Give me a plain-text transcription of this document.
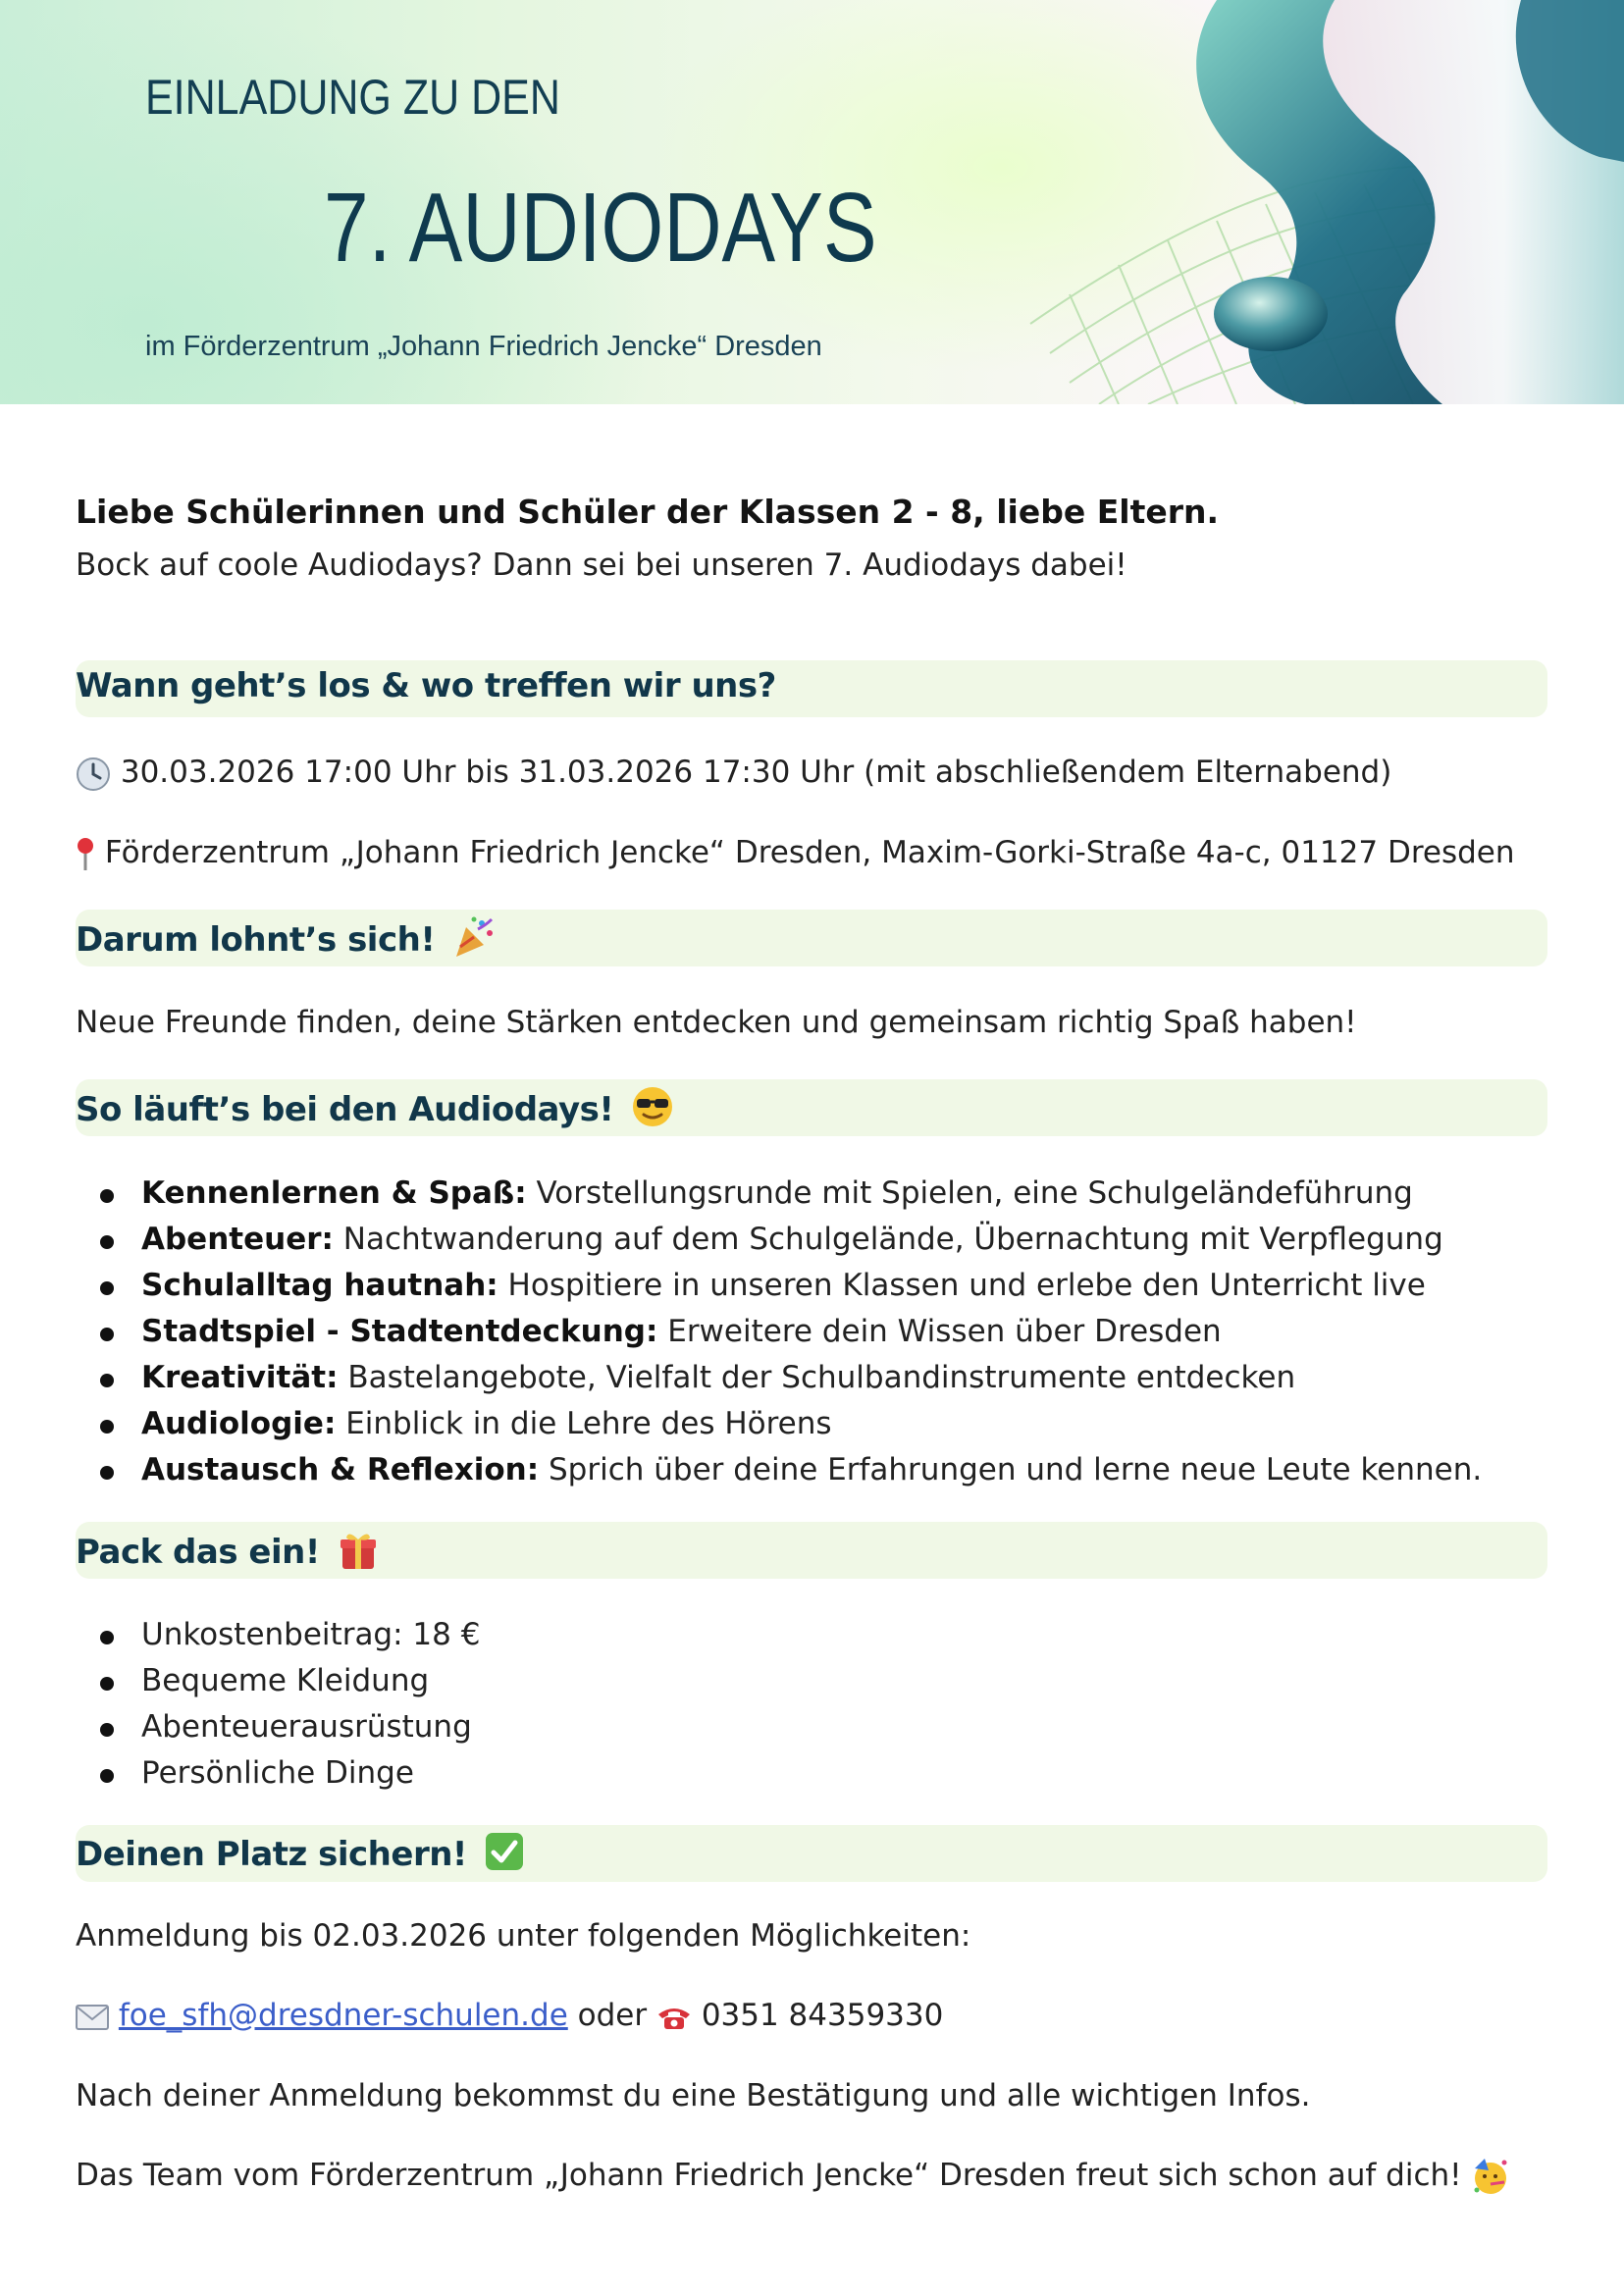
EINLADUNG ZU DEN
7. AUDIODAYS

im Förderzentrum „Johann Friedrich Jencke“ Dresden

Liebe Schülerinnen und Schüler der Klassen 2 - 8, liebe Eltern.

Bock auf coole Audiodays? Dann sei bei unseren 7. Audiodays dabei!

Wann geht’s los & wo treffen wir uns?

30.03.2026 17:00 Uhr bis 31.03.2026 17:30 Uhr (mit abschließendem Elternabend)

Förderzentrum „Johann Friedrich Jencke“ Dresden, Maxim-Gorki-Straße 4a-c, 01127 Dresden

Darum lohnt’s sich!

Neue Freunde finden, deine Stärken entdecken und gemeinsam richtig Spaß haben!

So läuft’s bei den Audiodays!
Kennenlernen & Spaß: Vorstellungsrunde mit Spielen, eine Schulgeländeführung
Abenteuer: Nachtwanderung auf dem Schulgelände, Übernachtung mit Verpflegung
Schulalltag hautnah: Hospitiere in unseren Klassen und erlebe den Unterricht live
Stadtspiel - Stadtentdeckung: Erweitere dein Wissen über Dresden
Kreativität: Bastelangebote, Vielfalt der Schulbandinstrumente entdecken
Audiologie: Einblick in die Lehre des Hörens
Austausch & Reflexion: Sprich über deine Erfahrungen und lerne neue Leute kennen.
Pack das ein!
Unkostenbeitrag: 18 €
Bequeme Kleidung
Abenteuerausrüstung
Persönliche Dinge
Deinen Platz sichern!

Anmeldung bis 02.03.2026 unter folgenden Möglichkeiten:

foe_sfh@dresdner-schulen.de oder 0351 84359330

Nach deiner Anmeldung bekommst du eine Bestätigung und alle wichtigen Infos.

Das Team vom Förderzentrum „Johann Friedrich Jencke“ Dresden freut sich schon auf dich!
